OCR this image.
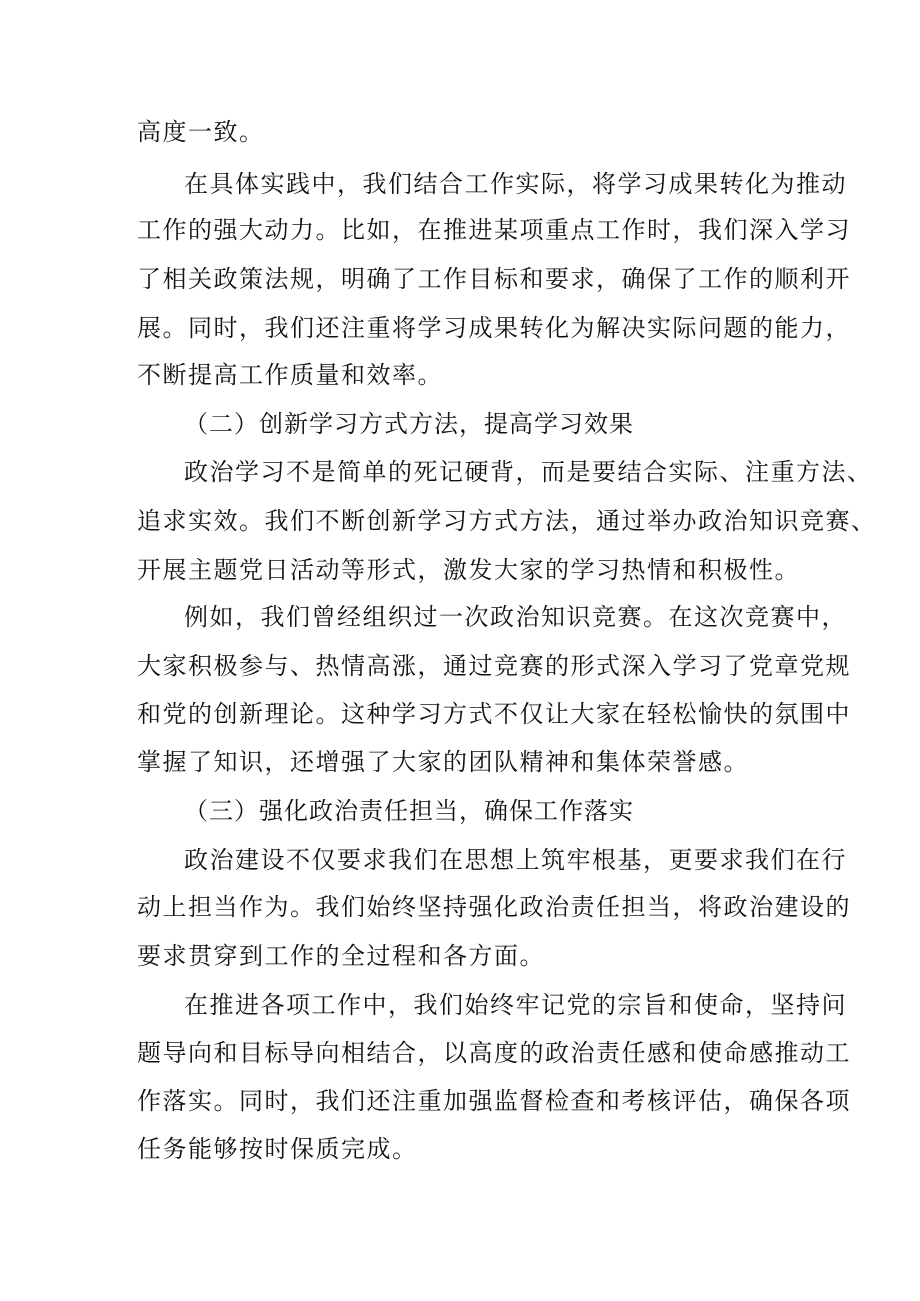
高度一致。

在具体实践中，我们结合工作实际，将学习成果转化为推动

工作的强大动力。比如，在推进某项重点工作时，我们深入学习

了相关政策法规，明确了工作目标和要求，确保了工作的顺利开

展。同时，我们还注重将学习成果转化为解决实际问题的能力，

不断提高工作质量和效率。

（二）创新学习方式方法，提高学习效果

政治学习不是简单的死记硬背，而是要结合实际、注重方法、

追求实效。我们不断创新学习方式方法，通过举办政治知识竞赛、

开展主题党日活动等形式，激发大家的学习热情和积极性。

例如，我们曾经组织过一次政治知识竞赛。在这次竞赛中，

大家积极参与、热情高涨，通过竞赛的形式深入学习了党章党规

和党的创新理论。这种学习方式不仅让大家在轻松愉快的氛围中

掌握了知识，还增强了大家的团队精神和集体荣誉感。

（三）强化政治责任担当，确保工作落实

政治建设不仅要求我们在思想上筑牢根基，更要求我们在行

动上担当作为。我们始终坚持强化政治责任担当，将政治建设的

要求贯穿到工作的全过程和各方面。

在推进各项工作中，我们始终牢记党的宗旨和使命，坚持问

题导向和目标导向相结合，以高度的政治责任感和使命感推动工

作落实。同时，我们还注重加强监督检查和考核评估，确保各项

任务能够按时保质完成。
